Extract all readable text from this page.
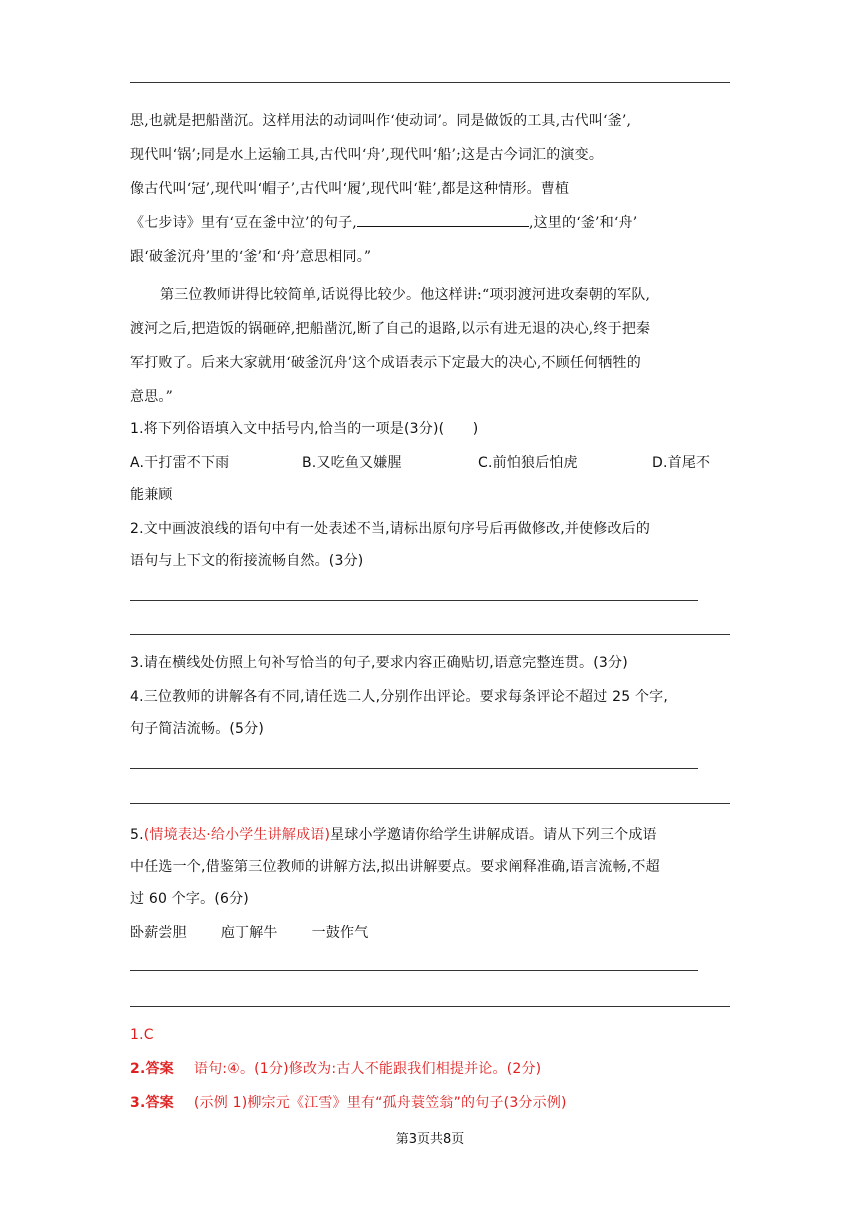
思,也就是把船凿沉。这样用法的动词叫作‘使动词’。同是做饭的工具,古代叫‘釜’,
现代叫‘锅’;同是水上运输工具,古代叫‘舟’,现代叫‘船’;这是古今词汇的演变。
像古代叫‘冠’,现代叫‘帽子’,古代叫‘履’,现代叫‘鞋’,都是这种情形。曹植
《七步诗》里有‘豆在釜中泣’的句子,	,这里的‘釜’和‘舟’
跟‘破釜沉舟’里的‘釜’和‘舟’意思相同。”
第三位教师讲得比较简单,话说得比较少。他这样讲:“项羽渡河进攻秦朝的军队,
渡河之后,把造饭的锅砸碎,把船凿沉,断了自己的退路,以示有进无退的决心,终于把秦
军打败了。后来大家就用‘破釜沉舟’这个成语表示下定最大的决心,不顾任何牺牲的
意思。”
1.将下列俗语填入文中括号内,恰当的一项是(3分)(　　)
A.干打雷不下雨	B.又吃鱼又嫌腥	C.前怕狼后怕虎	D.首尾不
能兼顾
2.文中画波浪线的语句中有一处表述不当,请标出原句序号后再做修改,并使修改后的
语句与上下文的衔接流畅自然。(3分)
3.请在横线处仿照上句补写恰当的句子,要求内容正确贴切,语意完整连贯。(3分)
4.三位教师的讲解各有不同,请任选二人,分别作出评论。要求每条评论不超过 25 个字,
句子简洁流畅。(5分)
5.(情境表达·给小学生讲解成语)星球小学邀请你给学生讲解成语。请从下列三个成语
中任选一个,借鉴第三位教师的讲解方法,拟出讲解要点。要求阐释准确,语言流畅,不超
过 60 个字。(6分)
卧薪尝胆 庖丁解牛 一鼓作气
1.C
2.答案 语句:④。(1分)修改为:古人不能跟我们相提并论。(2分)
3.答案 (示例 1)柳宗元《江雪》里有“孤舟蓑笠翁”的句子(3分示例)
第3页共8页
